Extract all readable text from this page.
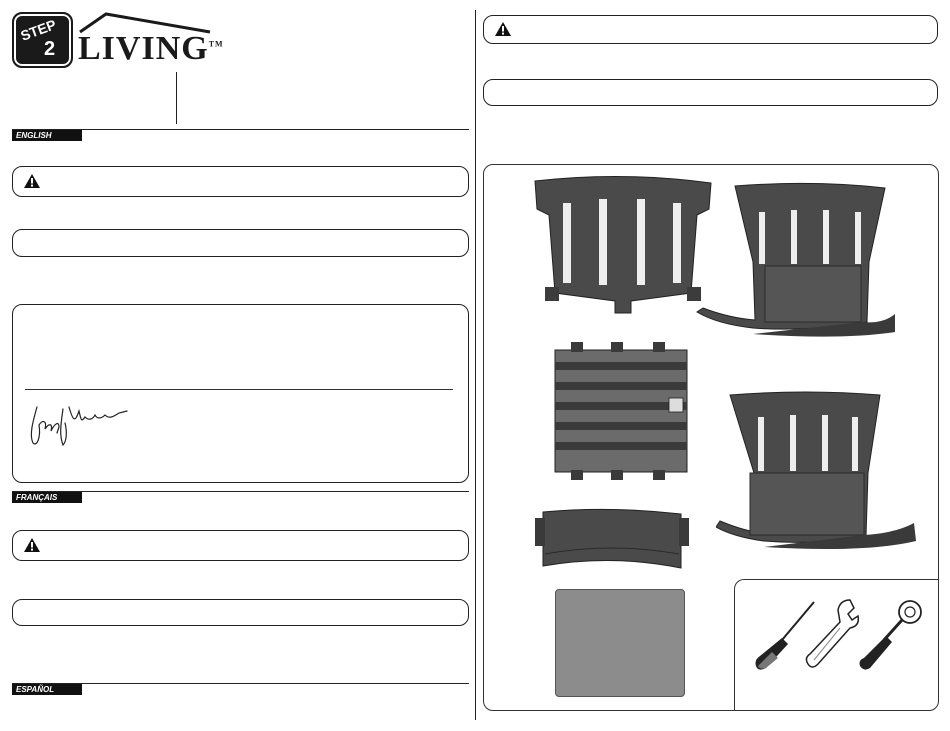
STEP
2 LIVING™
ENGLISH
FRANÇAIS
ESPAÑOL
